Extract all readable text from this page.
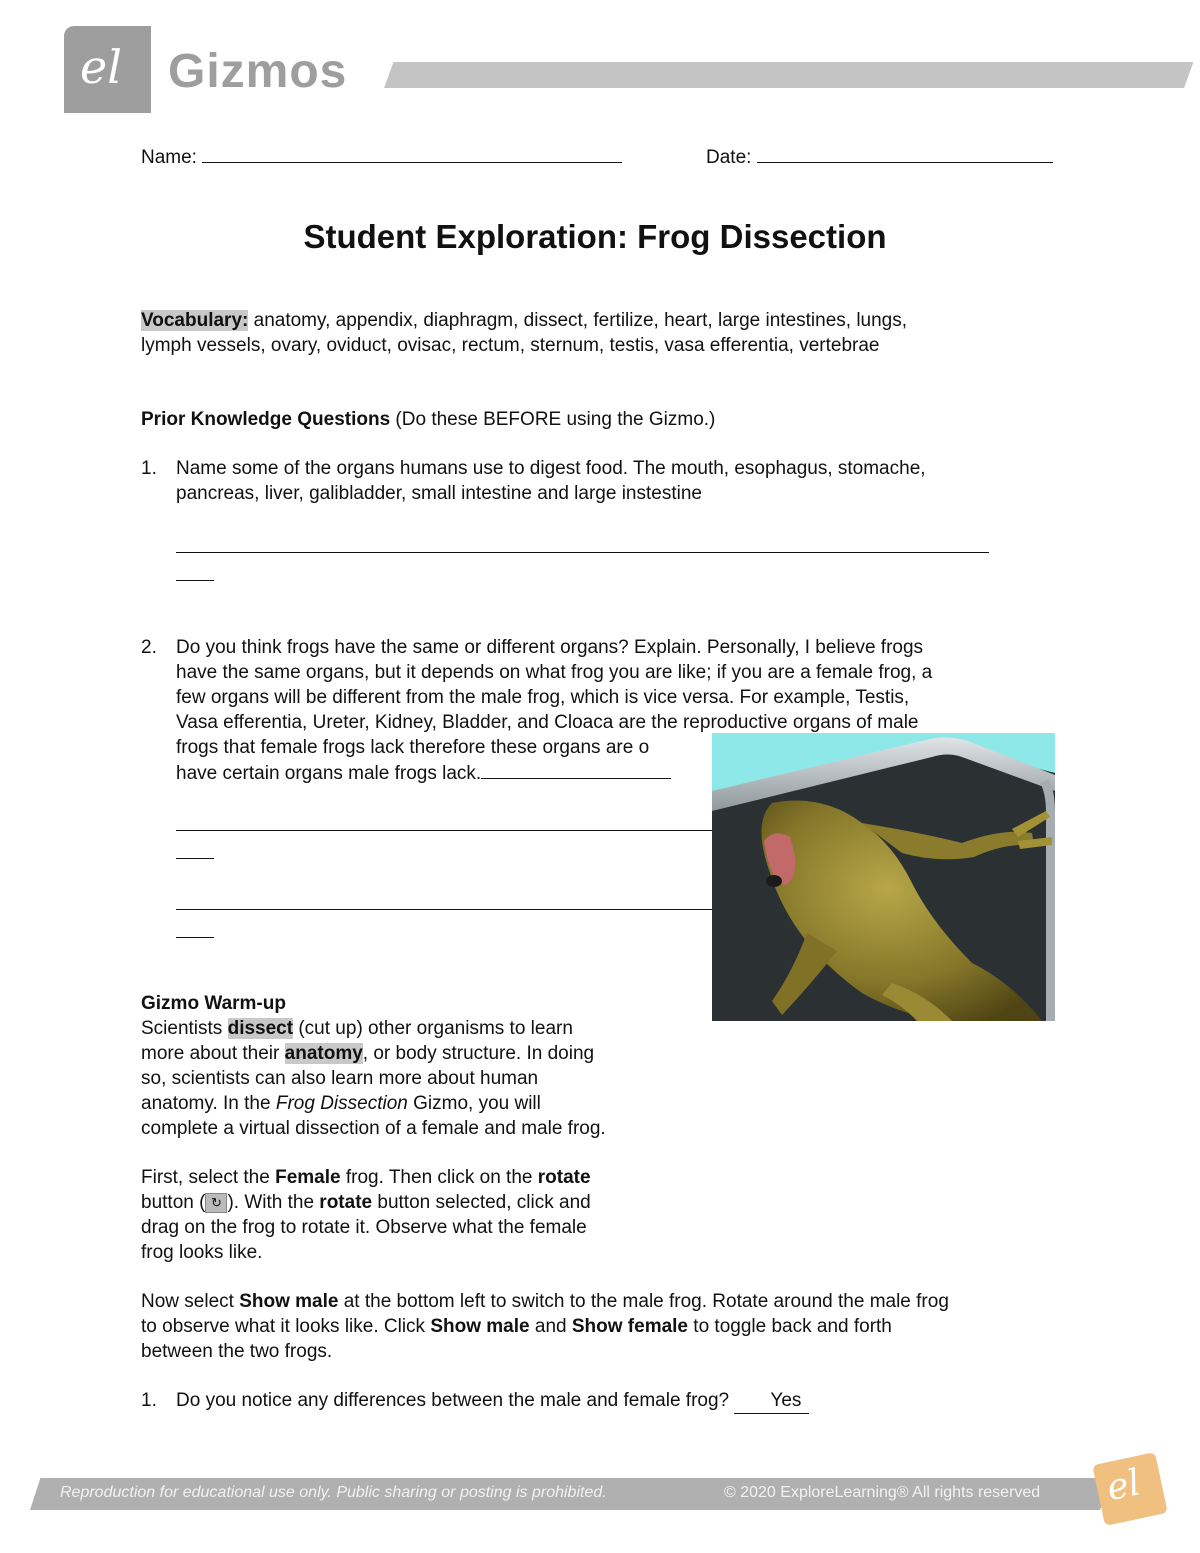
el Gizmos
Name:	Date:
Student Exploration: Frog Dissection
Vocabulary: anatomy, appendix, diaphragm, dissect, fertilize, heart, large intestines, lungs,
lymph vessels, ovary, oviduct, ovisac, rectum, sternum, testis, vasa efferentia, vertebrae
Prior Knowledge Questions (Do these BEFORE using the Gizmo.)
1. Name some of the organs humans use to digest food. The mouth, esophagus, stomache,
pancreas, liver, galibladder, small intestine and large instestine
2. Do you think frogs have the same or different organs? Explain. Personally, I believe frogs
have the same organs, but it depends on what frog you are like; if you are a female frog, a
few organs will be different from the male frog, which is vice versa. For example, Testis,
Vasa efferentia, Ureter, Kidney, Bladder, and Cloaca are the reproductive organs of male
frogs that female frogs lack therefore these organs are o
have certain organs male frogs lack.
Gizmo Warm-up
Scientists dissect (cut up) other organisms to learn
more about their anatomy, or body structure. In doing
so, scientists can also learn more about human
anatomy. In the Frog Dissection Gizmo, you will
complete a virtual dissection of a female and male frog.
First, select the Female frog. Then click on the rotate
button ( ↻ ). With the rotate button selected, click and
drag on the frog to rotate it. Observe what the female
frog looks like.
Now select Show male at the bottom left to switch to the male frog. Rotate around the male frog
to observe what it looks like. Click Show male and Show female to toggle back and forth
between the two frogs.
1. Do you notice any differences between the male and female frog? Yes
Reproduction for educational use only. Public sharing or posting is prohibited.	© 2020 ExploreLearning® All rights reserved el
